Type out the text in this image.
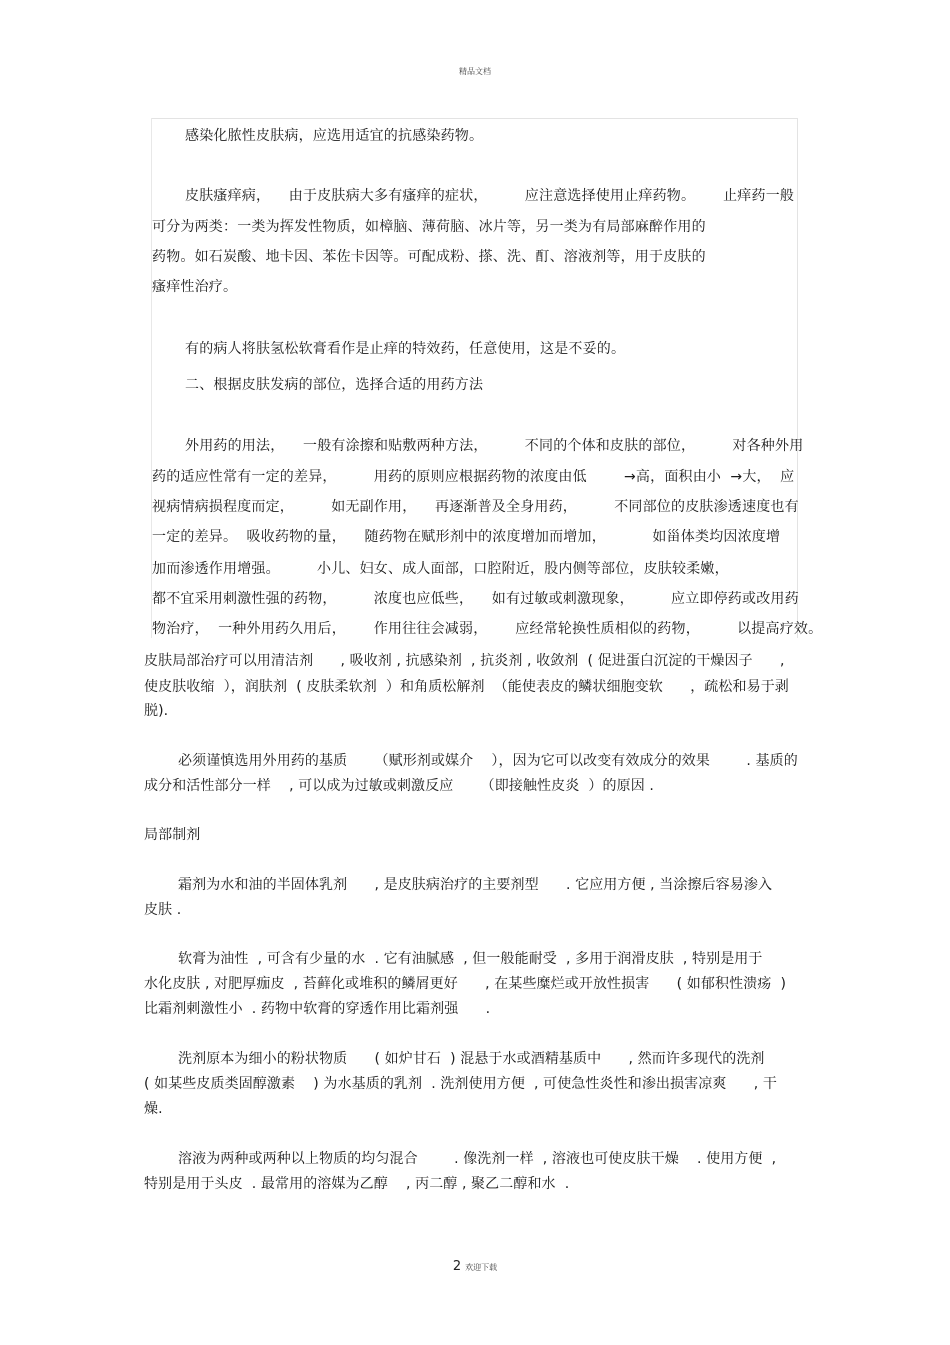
精品文档
感染化脓性皮肤病，应选用适宜的抗感染药物。
皮肤瘙痒病，    由于皮肤病大多有瘙痒的症状，        应注意选择使用止痒药物。      止痒药一般
可分为两类：一类为挥发性物质，如樟脑、薄荷脑、冰片等，另一类为有局部麻醉作用的
药物。如石炭酸、地卡因、苯佐卡因等。可配成粉、搽、洗、酊、溶液剂等，用于皮肤的
瘙痒性治疗。
有的病人将肤氢松软膏看作是止痒的特效药，任意使用，这是不妥的。
二、根据皮肤发病的部位，选择合适的用药方法
外用药的用法，    一般有涂擦和贴敷两种方法，        不同的个体和皮肤的部位，        对各种外用
药的适应性常有一定的差异，        用药的原则应根据药物的浓度由低        →高，面积由小  →大，  应
视病情病损程度而定，        如无副作用，    再逐渐普及全身用药，        不同部位的皮肤渗透速度也有
一定的差异。  吸收药物的量，    随药物在赋形剂中的浓度增加而增加，          如甾体类均因浓度增
加而渗透作用增强。        小儿、妇女、成人面部，口腔附近，股内侧等部位，皮肤较柔嫩，
都不宜采用刺激性强的药物，        浓度也应低些，    如有过敏或刺激现象，        应立即停药或改用药
物治疗，  一种外用药久用后，      作用往往会减弱，      应经常轮换性质相似的药物，        以提高疗效。
皮肤局部治疗可以用清洁剂      , 吸收剂 , 抗感染剂  , 抗炎剂 , 收敛剂  ( 促进蛋白沉淀的干燥因子      ,
使皮肤收缩  ），润肤剂  ( 皮肤柔软剂  ）和角质松解剂  （能使表皮的鳞状细胞变软      ，疏松和易于剥
脱).
必须谨慎选用外用药的基质      （赋形剂或媒介    ），因为它可以改变有效成分的效果        . 基质的
成分和活性部分一样    , 可以成为过敏或刺激反应      （即接触性皮炎  ）的原因 .
局部制剂
霜剂为水和油的半固体乳剂      , 是皮肤病治疗的主要剂型      . 它应用方便 , 当涂擦后容易渗入
皮肤 .
软膏为油性  , 可含有少量的水  . 它有油腻感  , 但一般能耐受  , 多用于润滑皮肤  , 特别是用于
水化皮肤 , 对肥厚痂皮  , 苔藓化或堆积的鳞屑更好      , 在某些糜烂或开放性损害      ( 如郁积性溃疡  )
比霜剂刺激性小  . 药物中软膏的穿透作用比霜剂强      .
洗剂原本为细小的粉状物质      ( 如炉甘石  ) 混悬于水或酒精基质中      , 然而许多现代的洗剂
( 如某些皮质类固醇激素    ) 为水基质的乳剂  . 洗剂使用方便  , 可使急性炎性和渗出损害凉爽      , 干
燥.
溶液为两种或两种以上物质的均匀混合        . 像洗剂一样  , 溶液也可使皮肤干燥    . 使用方便  ,
特别是用于头皮  . 最常用的溶媒为乙醇    , 丙二醇 , 聚乙二醇和水  .
2 欢迎下载
